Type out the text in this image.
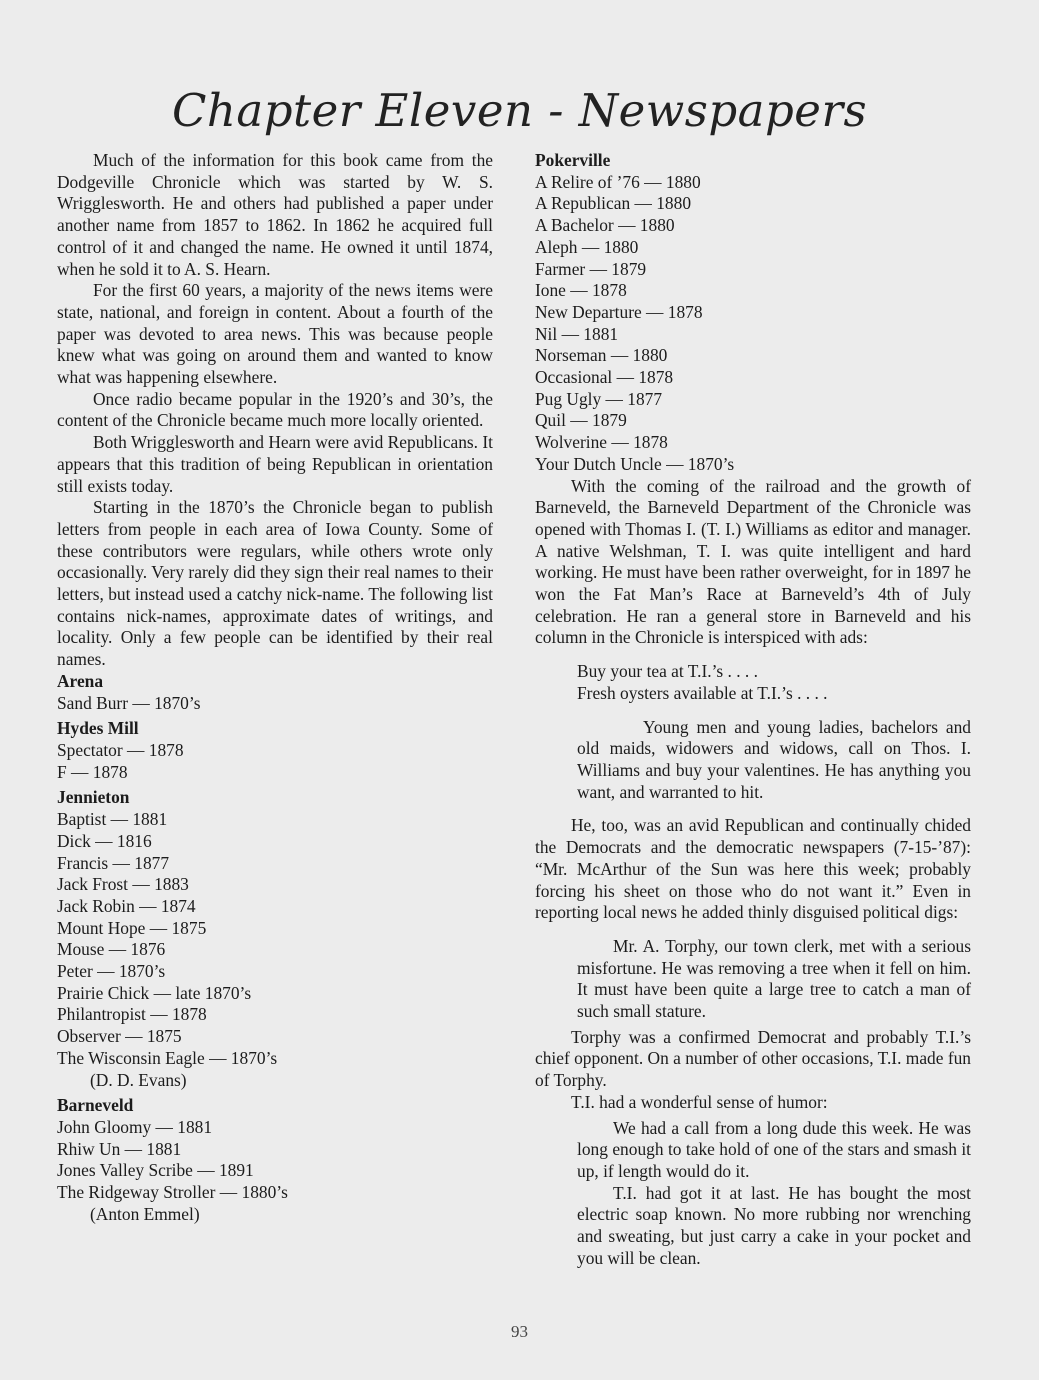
Chapter Eleven - Newspapers

Much of the information for this book came from the Dodgeville Chronicle which was started by W. S. Wrigglesworth. He and others had published a paper under another name from 1857 to 1862. In 1862 he acquired full control of it and changed the name. He owned it until 1874, when he sold it to A. S. Hearn.

For the first 60 years, a majority of the news items were state, national, and foreign in content. About a fourth of the paper was devoted to area news. This was because people knew what was going on around them and wanted to know what was happening elsewhere.

Once radio became popular in the 1920’s and 30’s, the content of the Chronicle became much more locally oriented.

Both Wrigglesworth and Hearn were avid Republicans. It appears that this tradition of being Republican in orientation still exists today.

Starting in the 1870’s the Chronicle began to publish letters from people in each area of Iowa County. Some of these contributors were regulars, while others wrote only occasionally. Very rarely did they sign their real names to their letters, but instead used a catchy nick-name. The following list contains nick-names, approximate dates of writings, and locality. Only a few people can be identified by their real names.

Arena

Sand Burr — 1870’s

Hydes Mill

Spectator — 1878

F — 1878

Jennieton

Baptist — 1881

Dick — 1816

Francis — 1877

Jack Frost — 1883

Jack Robin — 1874

Mount Hope — 1875

Mouse — 1876

Peter — 1870’s

Prairie Chick — late 1870’s

Philantropist — 1878

Observer — 1875

The Wisconsin Eagle — 1870’s

(D. D. Evans)

Barneveld

John Gloomy — 1881

Rhiw Un — 1881

Jones Valley Scribe — 1891

The Ridgeway Stroller — 1880’s

(Anton Emmel)

Pokerville

A Relire of ’76 — 1880

A Republican — 1880

A Bachelor — 1880

Aleph — 1880

Farmer — 1879

Ione — 1878

New Departure — 1878

Nil — 1881

Norseman — 1880

Occasional — 1878

Pug Ugly — 1877

Quil — 1879

Wolverine — 1878

Your Dutch Uncle — 1870’s

With the coming of the railroad and the growth of Barneveld, the Barneveld Department of the Chronicle was opened with Thomas I. (T. I.) Williams as editor and manager. A native Welshman, T. I. was quite intelligent and hard working. He must have been rather overweight, for in 1897 he won the Fat Man’s Race at Barneveld’s 4th of July celebration. He ran a general store in Barneveld and his column in the Chronicle is interspiced with ads:

Buy your tea at T.I.’s . . . .

Fresh oysters available at T.I.’s . . . .

Young men and young ladies, bachelors and old maids, widowers and widows, call on Thos. I. Williams and buy your valentines. He has anything you want, and warranted to hit.

He, too, was an avid Republican and continually chided the Democrats and the democratic newspapers (7-15-’87): “Mr. McArthur of the Sun was here this week; probably forcing his sheet on those who do not want it.” Even in reporting local news he added thinly disguised political digs:

Mr. A. Torphy, our town clerk, met with a serious misfortune. He was removing a tree when it fell on him. It must have been quite a large tree to catch a man of such small stature.

Torphy was a confirmed Democrat and probably T.I.’s chief opponent. On a number of other occasions, T.I. made fun of Torphy.

T.I. had a wonderful sense of humor:

We had a call from a long dude this week. He was long enough to take hold of one of the stars and smash it up, if length would do it.

T.I. had got it at last. He has bought the most electric soap known. No more rubbing nor wrenching and sweating, but just carry a cake in your pocket and you will be clean.

93
